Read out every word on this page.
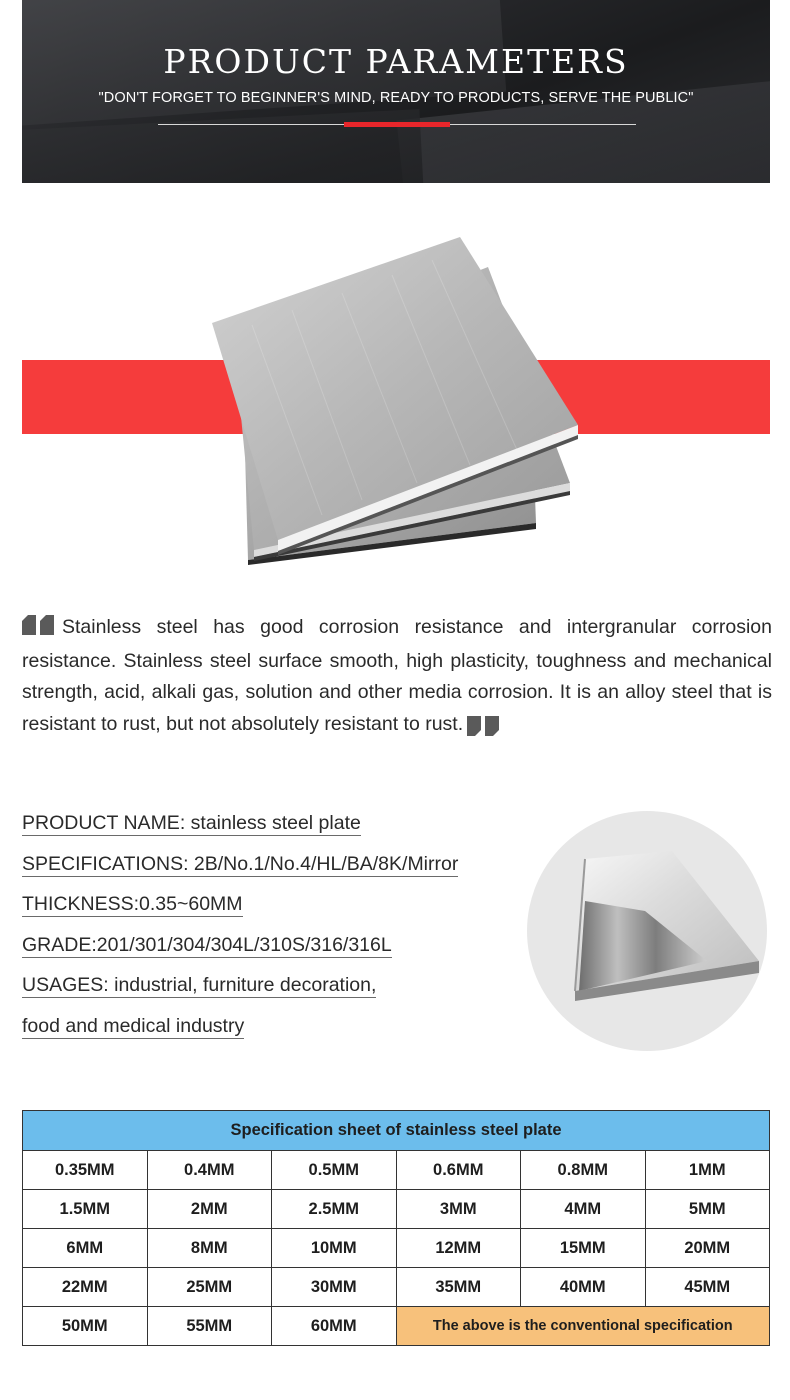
PRODUCT PARAMETERS
"DON'T FORGET TO BEGINNER'S MIND, READY TO PRODUCTS, SERVE THE PUBLIC"
Stainless steel has good corrosion resistance and intergranular corrosion resistance. Stainless steel surface smooth, high plasticity, toughness and mechanical strength, acid, alkali gas, solution and other media corrosion. It is an alloy steel that is resistant to rust, but not absolutely resistant to rust.
PRODUCT NAME: stainless steel plate
SPECIFICATIONS: 2B/No.1/No.4/HL/BA/8K/Mirror
THICKNESS:0.35~60MM
GRADE:201/301/304/304L/310S/316/316L
USAGES: industrial, furniture decoration,
food and medical industry
Specification sheet of stainless steel plate					
0.35MM	0.4MM	0.5MM	0.6MM	0.8MM	1MM
1.5MM	2MM	2.5MM	3MM	4MM	5MM
6MM	8MM	10MM	12MM	15MM	20MM
22MM	25MM	30MM	35MM	40MM	45MM
50MM	55MM	60MM	The above is the conventional specification		
